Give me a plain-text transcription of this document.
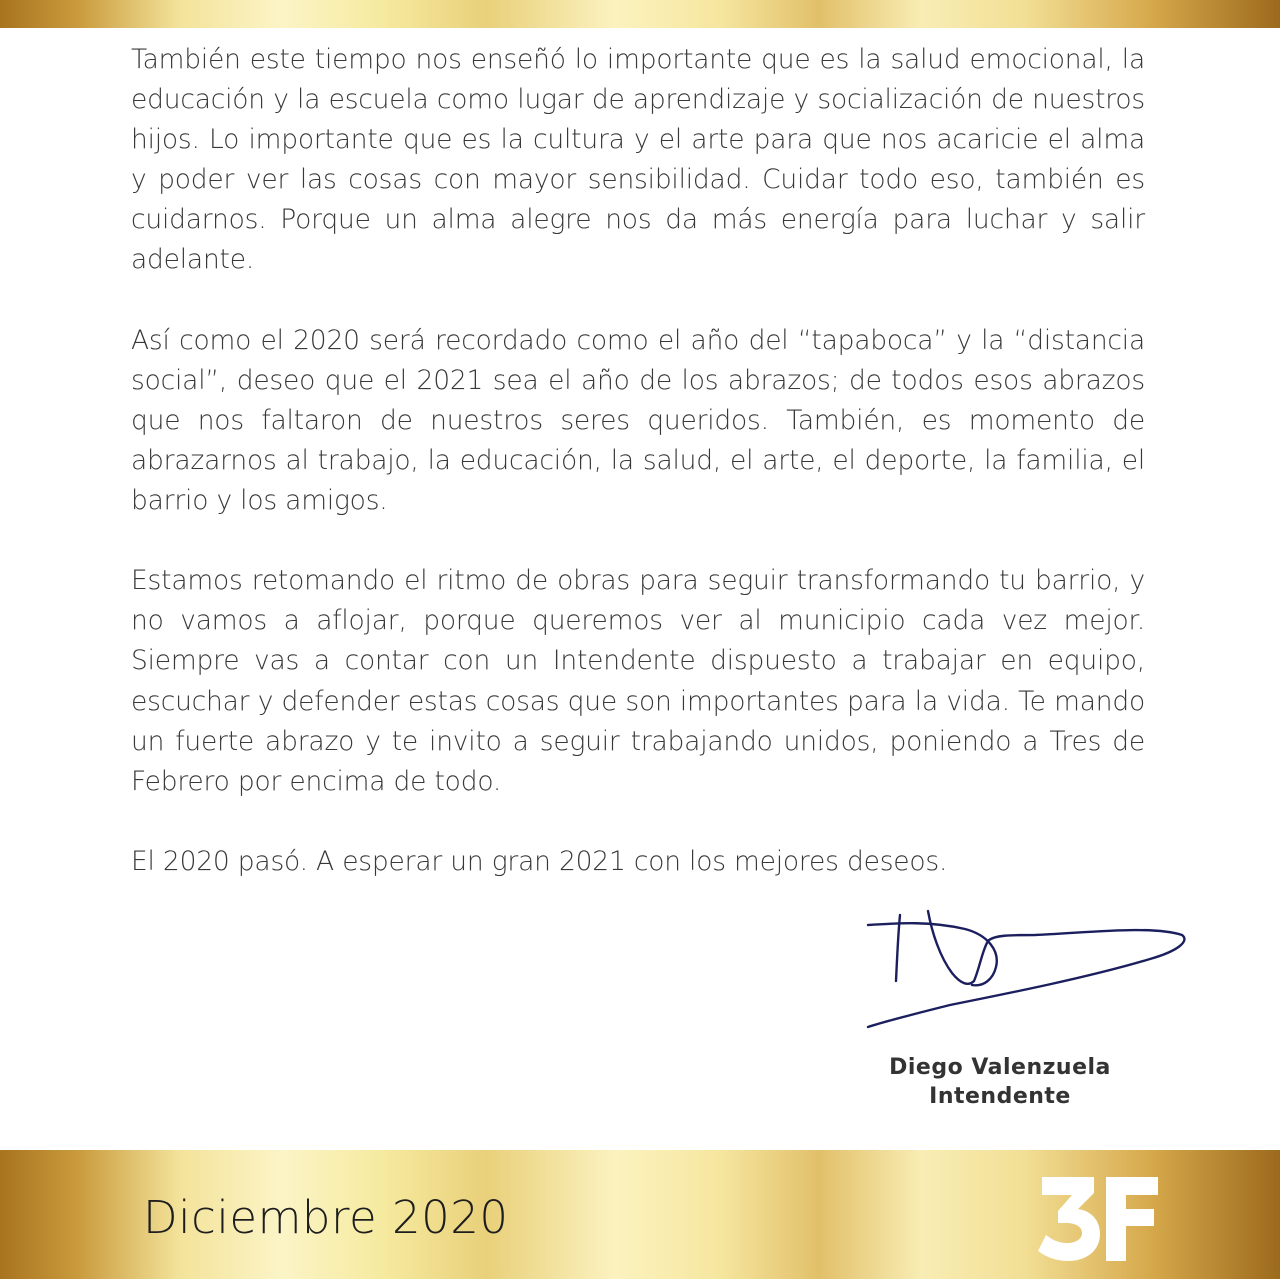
También este tiempo nos enseñó lo importante que es la salud emocional, la educación y la escuela como lugar de aprendizaje y socialización de nuestros hijos. Lo importante que es la cultura y el arte para que nos acaricie el alma y poder ver las cosas con mayor sensibilidad. Cuidar todo eso, también es cuidarnos. Porque un alma alegre nos da más energía para luchar y salir adelante.

Así como el 2020 será recordado como el año del “tapaboca” y la “distancia social”, deseo que el 2021 sea el año de los abrazos; de todos esos abrazos que nos faltaron de nuestros seres queridos. También, es momento de abrazarnos al trabajo, la educación, la salud, el arte, el deporte, la familia, el barrio y los amigos.

Estamos retomando el ritmo de obras para seguir transformando tu barrio, y no vamos a aflojar, porque queremos ver al municipio cada vez mejor. Siempre vas a contar con un Intendente dispuesto a trabajar en equipo, escuchar y defender estas cosas que son importantes para la vida. Te mando un fuerte abrazo y te invito a seguir trabajando unidos, poniendo a Tres de Febrero por encima de todo.

El 2020 pasó. A esperar un gran 2021 con los mejores deseos.

Diego Valenzuela
Intendente
Diciembre 2020
